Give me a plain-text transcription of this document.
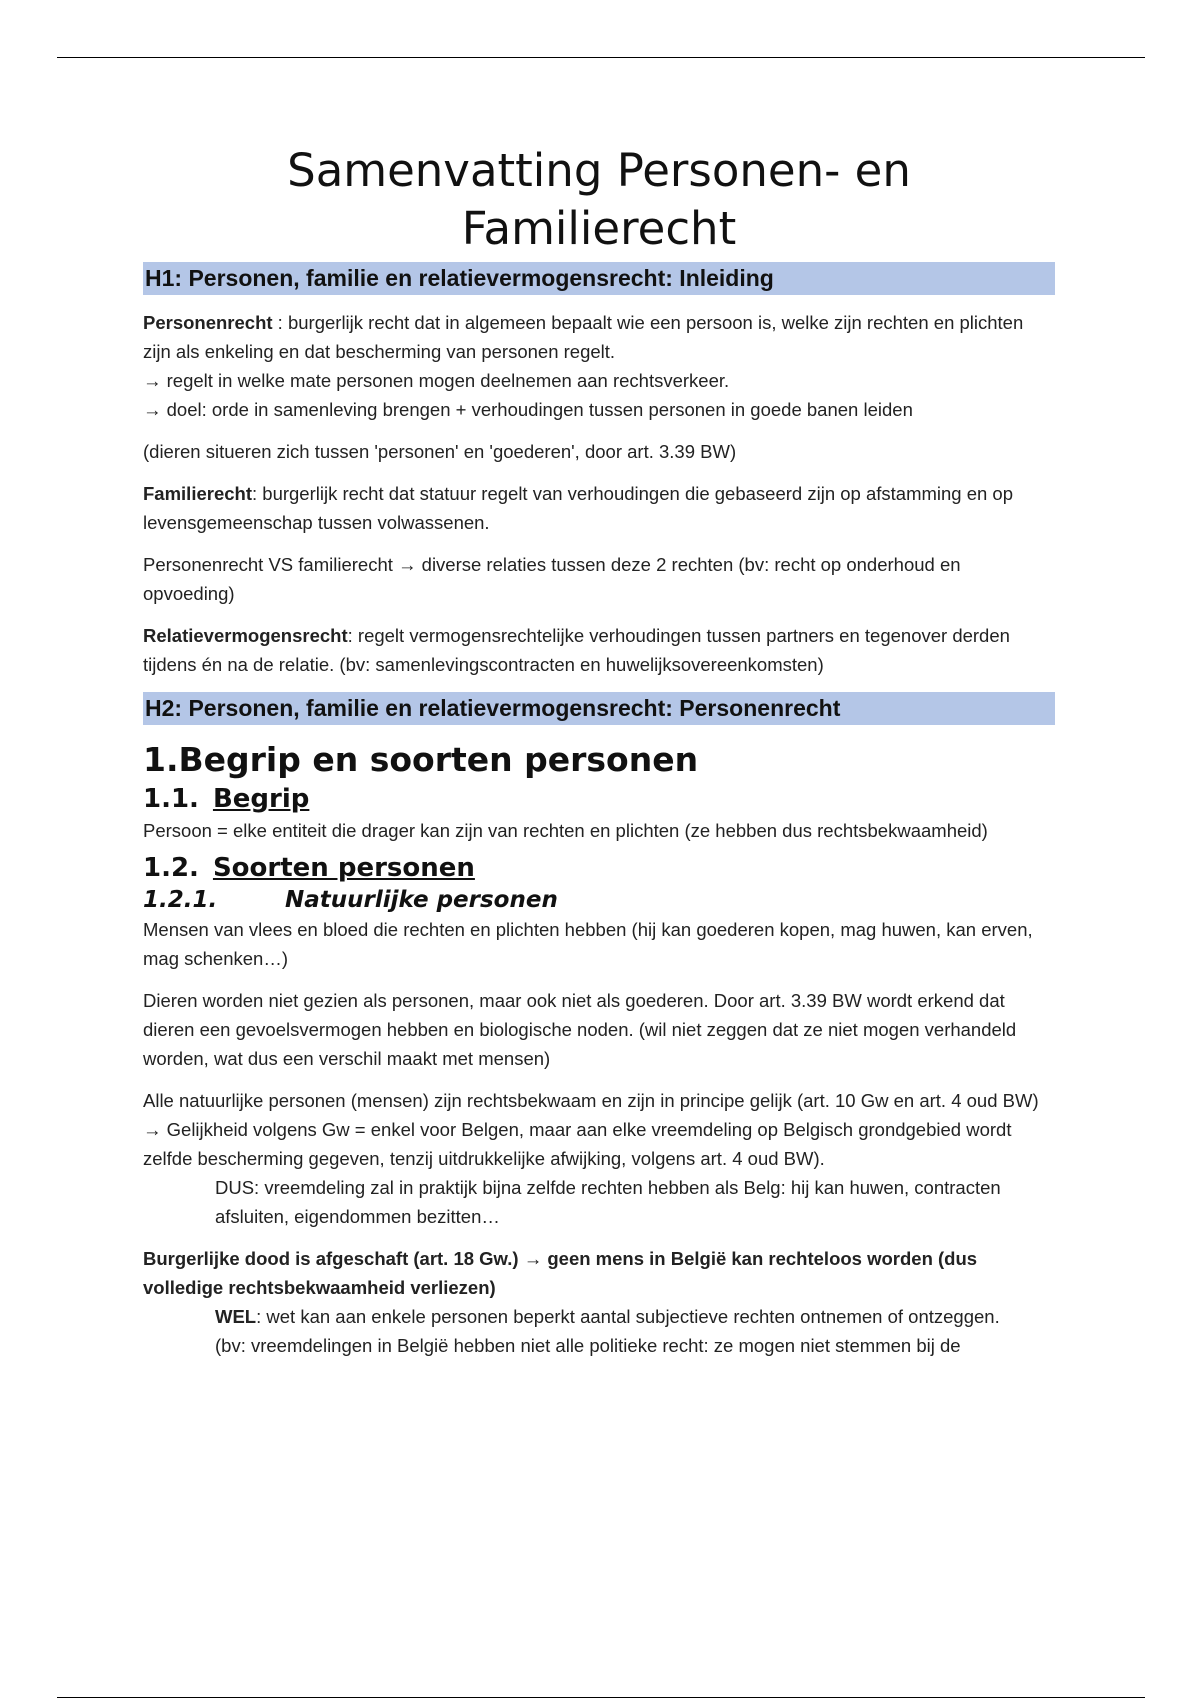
Samenvatting Personen- en Familierecht
H1: Personen, familie en relatievermogensrecht: Inleiding

Personenrecht : burgerlijk recht dat in algemeen bepaalt wie een persoon is, welke zijn rechten en plichten zijn als enkeling en dat bescherming van personen regelt.

→ regelt in welke mate personen mogen deelnemen aan rechtsverkeer.

→ doel: orde in samenleving brengen + verhoudingen tussen personen in goede banen leiden

(dieren situeren zich tussen 'personen' en 'goederen', door art. 3.39 BW)

Familierecht: burgerlijk recht dat statuur regelt van verhoudingen die gebaseerd zijn op afstamming en op levensgemeenschap tussen volwassenen.

Personenrecht VS familierecht → diverse relaties tussen deze 2 rechten (bv: recht op onderhoud en opvoeding)

Relatievermogensrecht: regelt vermogensrechtelijke verhoudingen tussen partners en tegenover derden tijdens én na de relatie. (bv: samenlevingscontracten en huwelijksovereenkomsten)

H2: Personen, familie en relatievermogensrecht: Personenrecht
1.Begrip en soorten personen
1.1. Begrip

Persoon = elke entiteit die drager kan zijn van rechten en plichten (ze hebben dus rechtsbekwaamheid)

1.2. Soorten personen
1.2.1.	Natuurlijke personen

Mensen van vlees en bloed die rechten en plichten hebben (hij kan goederen kopen, mag huwen, kan erven, mag schenken…)

Dieren worden niet gezien als personen, maar ook niet als goederen. Door art. 3.39 BW wordt erkend dat dieren een gevoelsvermogen hebben en biologische noden. (wil niet zeggen dat ze niet mogen verhandeld worden, wat dus een verschil maakt met mensen)

Alle natuurlijke personen (mensen) zijn rechtsbekwaam en zijn in principe gelijk (art. 10 Gw en art. 4 oud BW)

→ Gelijkheid volgens Gw = enkel voor Belgen, maar aan elke vreemdeling op Belgisch grondgebied wordt zelfde bescherming gegeven, tenzij uitdrukkelijke afwijking, volgens art. 4 oud BW).

DUS: vreemdeling zal in praktijk bijna zelfde rechten hebben als Belg: hij kan huwen, contracten afsluiten, eigendommen bezitten…

Burgerlijke dood is afgeschaft (art. 18 Gw.) → geen mens in België kan rechteloos worden (dus volledige rechtsbekwaamheid verliezen)

WEL: wet kan aan enkele personen beperkt aantal subjectieve rechten ontnemen of ontzeggen.

(bv: vreemdelingen in België hebben niet alle politieke recht: ze mogen niet stemmen bij de
